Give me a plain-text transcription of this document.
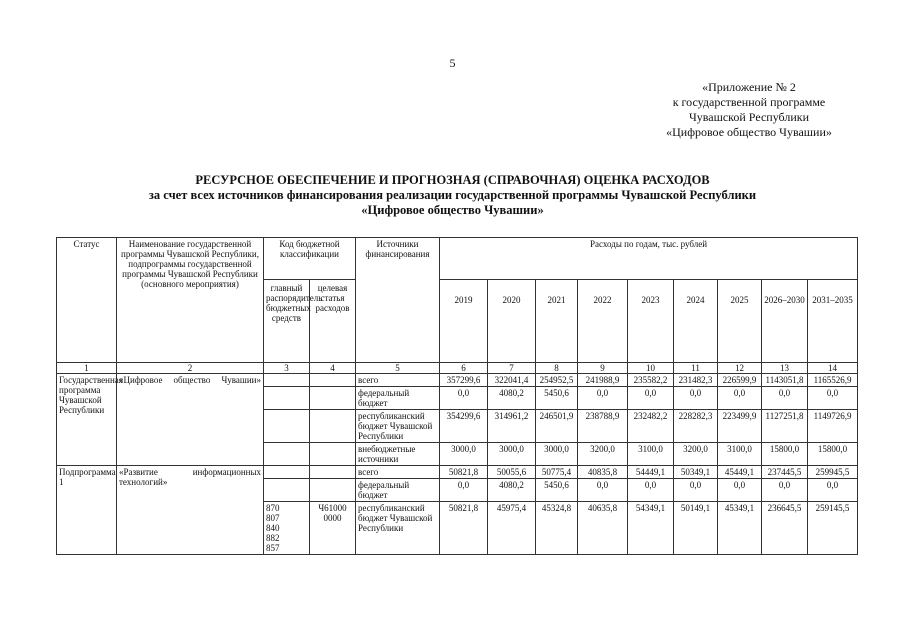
5
«Приложение № 2
к государственной программе
Чувашской Республики
«Цифровое общество Чувашии»
РЕСУРСНОЕ ОБЕСПЕЧЕНИЕ И ПРОГНОЗНАЯ (СПРАВОЧНАЯ) ОЦЕНКА РАСХОДОВ
за счет всех источников финансирования реализации государственной программы Чувашской Республики
«Цифровое общество Чувашии»
Статус	Наименование государственной программы Чувашской Республики, подпрограммы государственной программы Чувашской Республики (основного мероприятия)	Код бюджетной классификации		Источники финансирования	Расходы по годам, тыс. рублей								
		главный распорядитель бюджетных средств	целевая статья расходов		2019	2020	2021	2022	2023	2024	2025	2026–2030	2031–2035
1	2	3	4	5	6	7	8	9	10	11	12	13	14
Государственная программа Чувашской Республики	«Цифровое общество Чувашии»			всего	357299,6	322041,4	254952,5	241988,9	235582,2	231482,3	226599,9	1143051,8	1165526,9
				федеральный бюджет	0,0	4080,2	5450,6	0,0	0,0	0,0	0,0	0,0	0,0
				республиканский бюджет Чувашской Республики	354299,6	314961,2	246501,9	238788,9	232482,2	228282,3	223499,9	1127251,8	1149726,9
				внебюджетные источники	3000,0	3000,0	3000,0	3200,0	3100,0	3200,0	3100,0	15800,0	15800,0
Подпрограмма 1	«Развитие информационных технологий»			всего	50821,8	50055,6	50775,4	40835,8	54449,1	50349,1	45449,1	237445,5	259945,5
				федеральный бюджет	0,0	4080,2	5450,6	0,0	0,0	0,0	0,0	0,0	0,0

		870
807
840
882
857	Ч61000 0000	республиканский бюджет Чувашской Республики	50821,8	45975,4	45324,8	40635,8	54349,1	50149,1	45349,1	236645,5	259145,5
